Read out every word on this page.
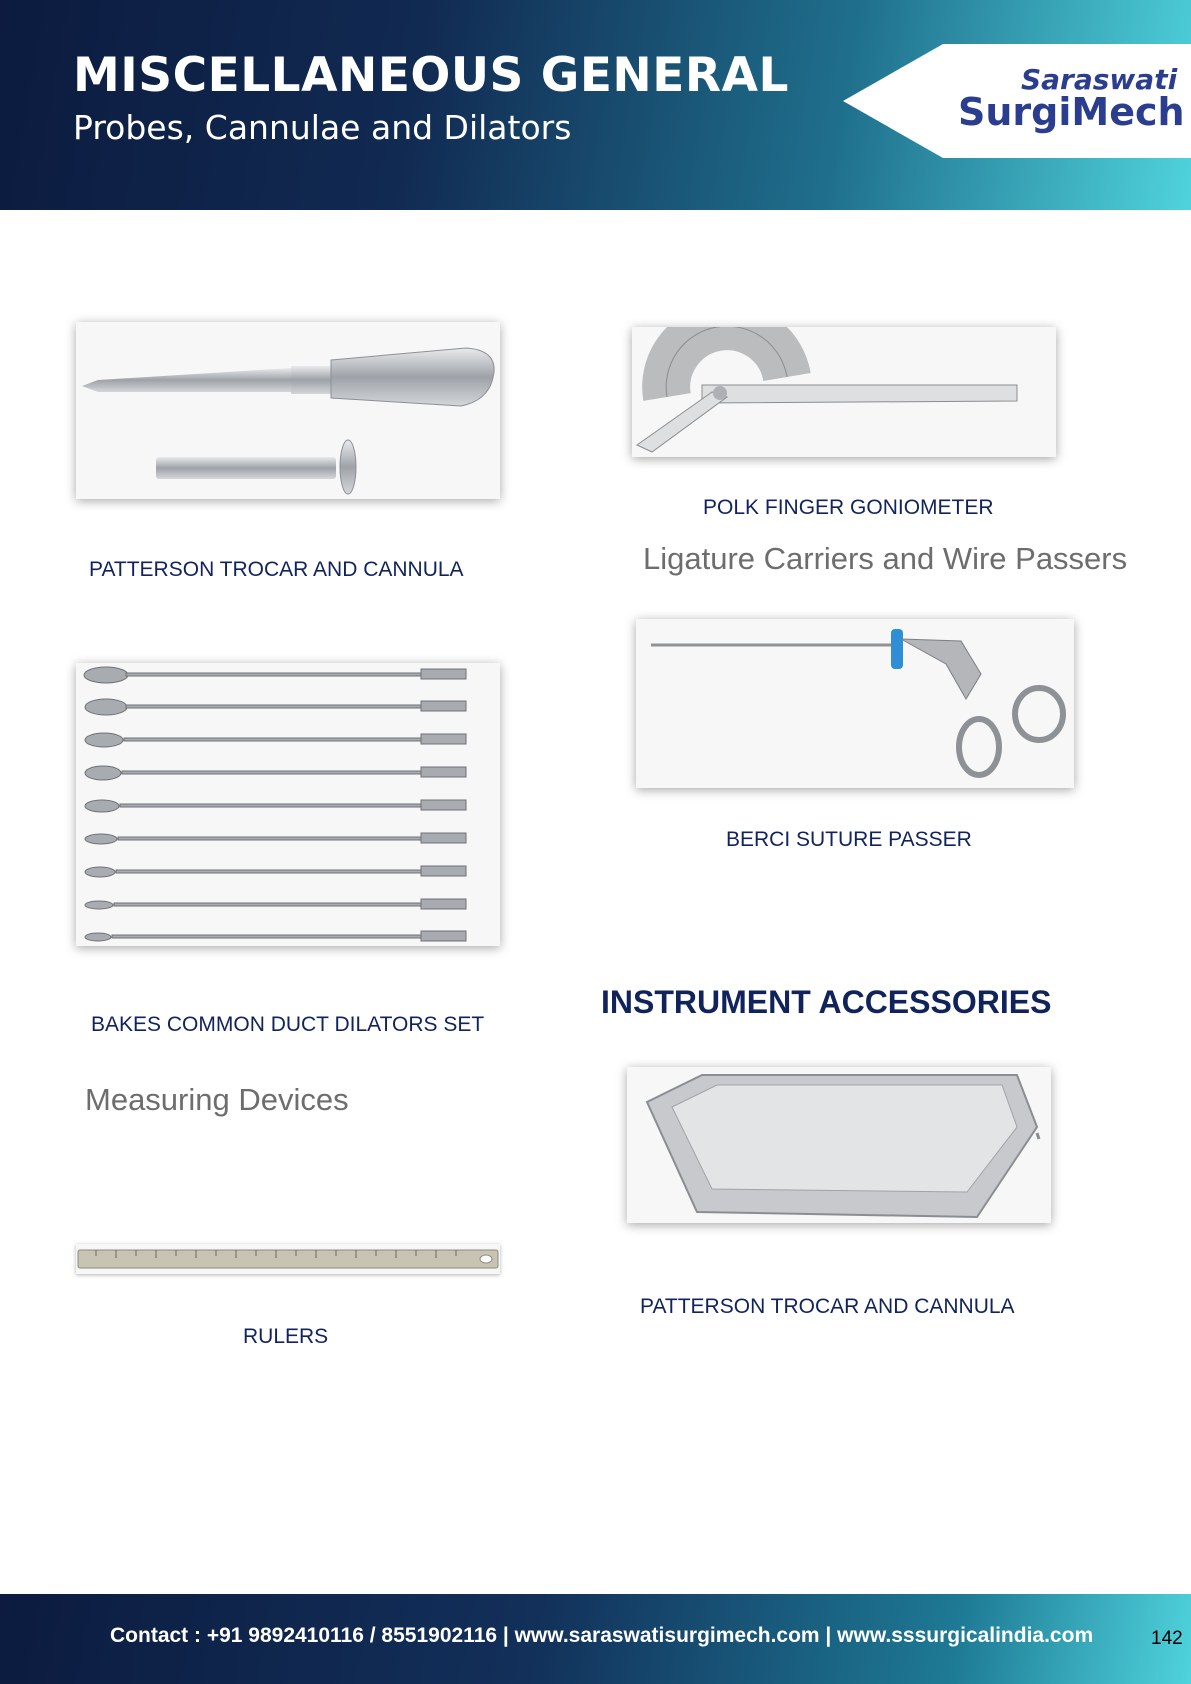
MISCELLANEOUS GENERAL
Probes, Cannulae and Dilators
Saraswati
SurgiMech
PATTERSON TROCAR AND CANNULA
POLK FINGER GONIOMETER
Ligature Carriers and Wire Passers
BAKES COMMON DUCT DILATORS SET
BERCI SUTURE PASSER
INSTRUMENT ACCESSORIES
Measuring Devices
PATTERSON TROCAR AND CANNULA
RULERS
Contact : +91 9892410116 / 8551902116 | www.saraswatisurgimech.com | www.sssurgicalindia.com	142
